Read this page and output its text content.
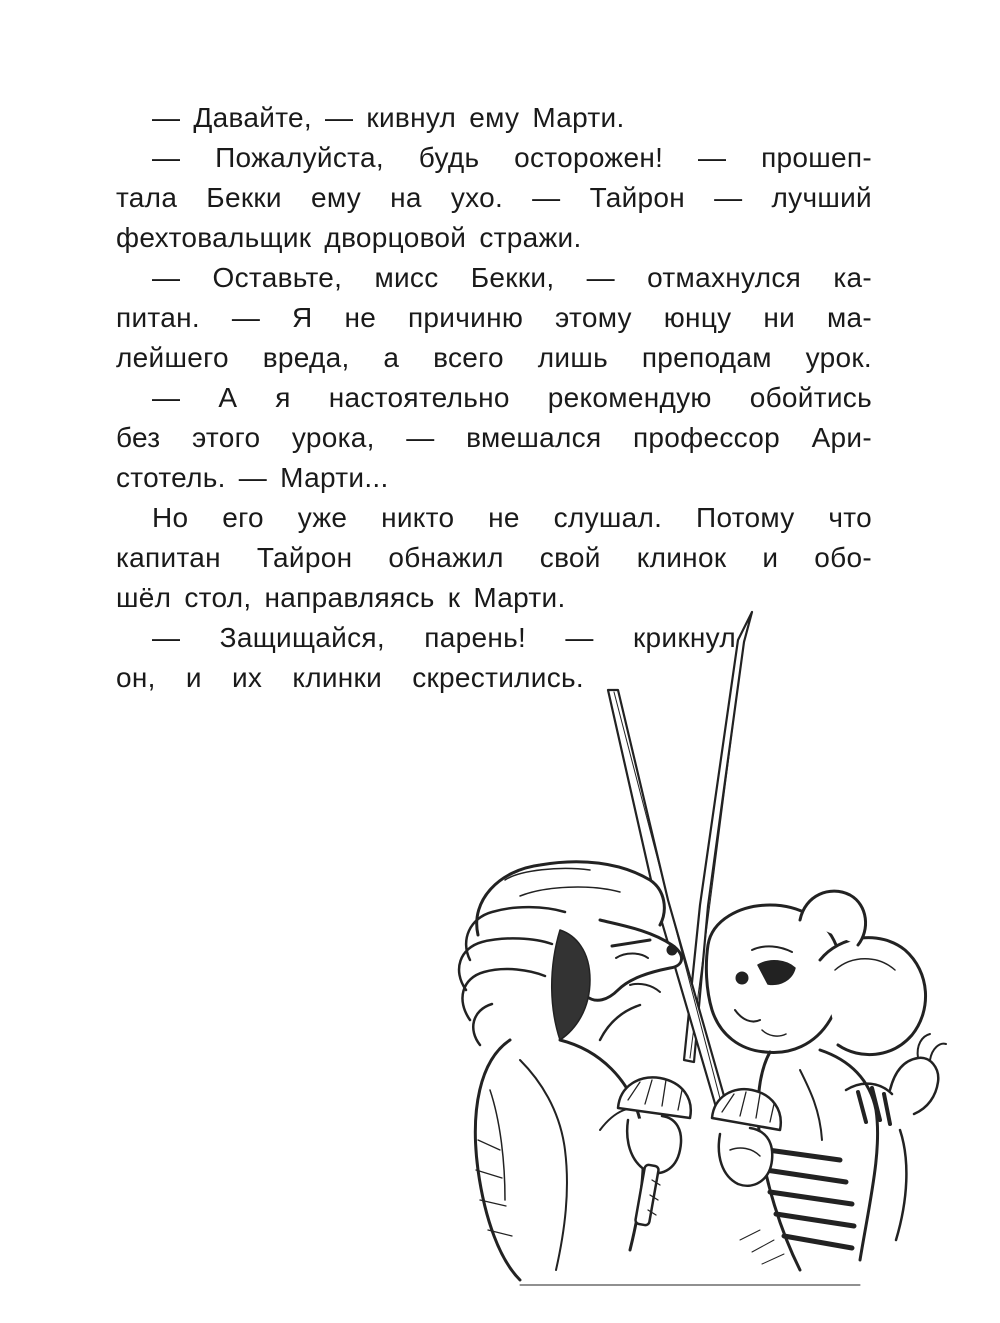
— Давайте, — кивнул ему Марти.
— Пожалуйста, будь осторожен! — прошеп-
тала Бекки ему на ухо. — Тайрон — лучший
фехтовальщик дворцовой стражи.
— Оставьте, мисс Бекки, — отмахнулся ка-
питан. — Я не причиню этому юнцу ни ма-
лейшего вреда, а всего лишь преподам урок.
— А я настоятельно рекомендую обойтись
без этого урока, — вмешался профессор Ари-
стотель. — Марти...
Но его уже никто не слушал. Потому что
капитан Тайрон обнажил свой клинок и обо-
шёл стол, направляясь к Марти.
— Защищайся, парень! — крикнул
он, и их клинки скрестились.
